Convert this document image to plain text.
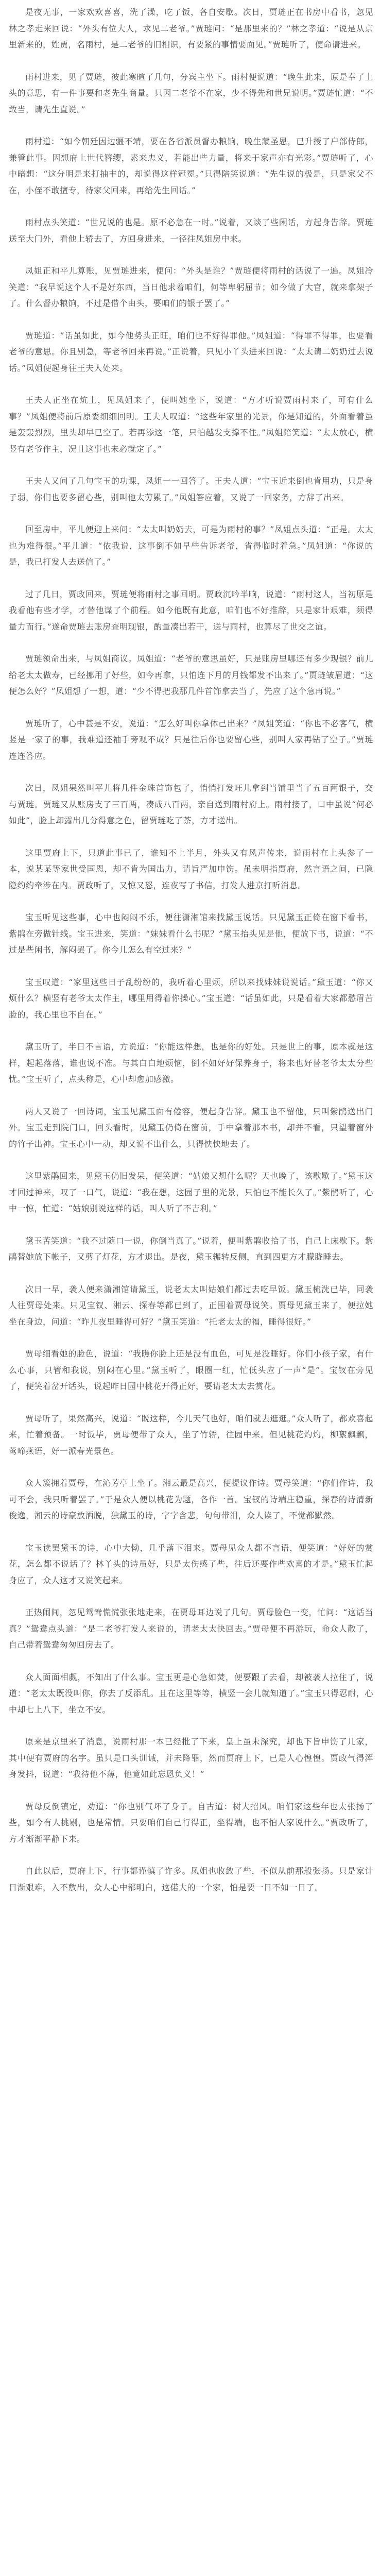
是夜无事，一家欢欢喜喜，洗了澡，吃了饭，各自安歇。次日，贾琏正在书房中看书，忽见林之孝走来回说：“外头有位大人，求见二老爷。”贾琏问：“是那里来的？”林之孝道：“说是从京里新来的，姓贾，名雨村，是二老爷的旧相识，有要紧的事情要面见。”贾琏听了，便命请进来。

雨村进来，见了贾琏，彼此寒暄了几句，分宾主坐下。雨村便说道：“晚生此来，原是奉了上头的意思，有一件事要和老先生商量。只因二老爷不在家，少不得先和世兄说明。”贾琏忙道：“不敢当，请先生直说。”

雨村道：“如今朝廷因边疆不靖，要在各省派员督办粮饷，晚生蒙圣恩，已升授了户部侍郎，兼管此事。因想府上世代簪缨，素来忠义，若能出些力量，将来于家声亦有光彩。”贾琏听了，心中暗想：“这分明是来打抽丰的，却说得这样冠冕。”只得陪笑说道：“先生说的极是，只是家父不在，小侄不敢擅专，待家父回来，再给先生回话。”

雨村点头笑道：“世兄说的也是。原不必急在一时。”说着，又谈了些闲话，方起身告辞。贾琏送至大门外，看他上轿去了，方回身进来，一径往凤姐房中来。

凤姐正和平儿算账，见贾琏进来，便问：“外头是谁？”贾琏便将雨村的话说了一遍。凤姐冷笑道：“我早说这个人不是好东西，当日他求着咱们，何等卑躬屈节；如今做了大官，就来拿架子了。什么督办粮饷，不过是借个由头，要咱们的银子罢了。”

贾琏道：“话虽如此，如今他势头正旺，咱们也不好得罪他。”凤姐道：“得罪不得罪，也要看老爷的意思。你且别急，等老爷回来再说。”正说着，只见小丫头进来回说：“太太请二奶奶过去说话。”凤姐便起身往王夫人处来。

王夫人正坐在炕上，见凤姐来了，便叫她坐下，说道：“方才听说贾雨村来了，可有什么事？”凤姐便将前后原委细细回明。王夫人叹道：“这些年家里的光景，你是知道的，外面看着虽是轰轰烈烈，里头却早已空了。若再添这一笔，只怕越发支撑不住。”凤姐陪笑道：“太太放心，横竖有老爷作主，况且这事也未必就定了。”

王夫人又问了几句宝玉的功课，凤姐一一回答了。王夫人道：“宝玉近来倒也肯用功，只是身子弱，你们也要多留心些，别叫他太劳累了。”凤姐答应着，又说了一回家务，方辞了出来。

回至房中，平儿便迎上来问：“太太叫奶奶去，可是为雨村的事？”凤姐点头道：“正是。太太也为难得很。”平儿道：“依我说，这事倒不如早些告诉老爷，省得临时着急。”凤姐道：“你说的是，我已打发人去送信了。”

过了几日，贾政回来，贾琏便将雨村之事回明。贾政沉吟半晌，说道：“雨村这人，当初原是我看他有些才学，才替他谋了个前程。如今他既有此意，咱们也不好推辞，只是家计艰难，须得量力而行。”遂命贾琏去账房查明现银，酌量凑出若干，送与雨村，也算尽了世交之谊。

贾琏领命出来，与凤姐商议。凤姐道：“老爷的意思虽好，只是账房里哪还有多少现银？前儿给老太太做寿，已经挪用了好些，如今再拿，只怕连下月的月钱都发不出来了。”贾琏皱眉道：“这便怎么好？”凤姐想了一想，道：“少不得把我那几件首饰拿去当了，先应了这个急再说。”

贾琏听了，心中甚是不安，说道：“怎么好叫你拿体己出来？”凤姐笑道：“你也不必客气，横竖是一家子的事，我难道还袖手旁观不成？只是往后你也要留心些，别叫人家再钻了空子。”贾琏连连答应。

次日，凤姐果然叫平儿将几件金珠首饰包了，悄悄打发旺儿拿到当铺里当了五百两银子，交与贾琏。贾琏又从账房支了三百两，凑成八百两，亲自送到雨村府上。雨村接了，口中虽说“何必如此”，脸上却露出几分得意之色，留贾琏吃了茶，方才送出。

这里贾府上下，只道此事已了，谁知不上半月，外头又有风声传来，说雨村在上头参了一本，说某某等家世受国恩，却不肯为国出力，请旨严加申饬。虽未明指贾府，然言语之间，已隐隐约约牵涉在内。贾政听了，又惊又怒，连夜写了书信，打发人进京打听消息。

宝玉听见这些事，心中也闷闷不乐，便往潇湘馆来找黛玉说话。只见黛玉正倚在窗下看书，紫鹃在旁做针线。宝玉进来，笑道：“妹妹看什么书呢？”黛玉抬头见是他，便放下书，说道：“不过是些闲书，解闷罢了。你今儿怎么有空过来？”

宝玉叹道：“家里这些日子乱纷纷的，我听着心里烦，所以来找妹妹说说话。”黛玉道：“你又烦什么？横竖有老爷太太作主，哪里用得着你操心。”宝玉道：“话虽如此，只是看着大家都愁眉苦脸的，我心里也不自在。”

黛玉听了，半日不言语，方说道：“你能这样想，也是你的好处。只是世上的事，原本就是这样，起起落落，谁也说不准。与其白白地烦恼，倒不如好好保养身子，将来也好替老爷太太分些忧。”宝玉听了，点头称是，心中却愈加感激。

两人又说了一回诗词，宝玉见黛玉面有倦容，便起身告辞。黛玉也不留他，只叫紫鹃送出门外。宝玉走到院门口，回头看时，见黛玉仍倚在窗前，手中拿着那本书，却并不看，只望着窗外的竹子出神。宝玉心中一动，却又说不出什么，只得怏怏地去了。

这里紫鹃回来，见黛玉仍旧发呆，便笑道：“姑娘又想什么呢？天也晚了，该歇歇了。”黛玉这才回过神来，叹了一口气，说道：“我在想，这园子里的光景，只怕也不能长久了。”紫鹃听了，心中一惊，忙道：“姑娘别说这样的话，叫人听了不吉利。”

黛玉苦笑道：“我不过随口一说，你倒当真了。”说着，便叫紫鹃收拾了书，自己上床歇下。紫鹃替她放下帐子，又剪了灯花，方才退出。是夜，黛玉辗转反侧，直到四更方才朦胧睡去。

次日一早，袭人便来潇湘馆请黛玉，说老太太叫姑娘们都过去吃早饭。黛玉梳洗已毕，同袭人往贾母处来。只见宝钗、湘云、探春等都已到了，正围着贾母说笑。贾母见黛玉来了，便拉她坐在身边，问道：“昨儿夜里睡得可好？”黛玉笑道：“托老太太的福，睡得很好。”

贾母细看她的脸色，说道：“我瞧你脸上还是没有血色，可见是没睡好。你们小孩子家，有什么心事，只管和我说，别闷在心里。”黛玉听了，眼圈一红，忙低头应了一声“是”。宝钗在旁见了，便笑着岔开话头，说起昨日园中桃花开得正好，要请老太太去赏花。

贾母听了，果然高兴，说道：“既这样，今儿天气也好，咱们就去逛逛。”众人听了，都欢喜起来，忙着预备。一时饭毕，贾母便带了众人，坐了竹轿，往园中来。但见桃花灼灼，柳絮飘飘，莺啼燕语，好一派春光景色。

众人簇拥着贾母，在沁芳亭上坐了。湘云最是高兴，便提议作诗。贾母笑道：“你们作诗，我可不会，我只听着罢了。”于是众人便以桃花为题，各作一首。宝钗的诗端庄稳重，探春的诗清新俊逸，湘云的诗豪放洒脱，独黛玉的诗，字字含悲，句句带泪，众人读了，不觉都默然。

宝玉读罢黛玉的诗，心中大恸，几乎落下泪来。贾母见众人都不言语，便笑道：“好好的赏花，怎么都不说话了？林丫头的诗虽好，只是太伤感了些，往后还要作些欢喜的才是。”黛玉忙起身应了，众人这才又说笑起来。

正热闹间，忽见鸳鸯慌慌张张地走来，在贾母耳边说了几句。贾母脸色一变，忙问：“这话当真？”鸳鸯点头道：“是二老爷打发人来说的，请老太太快回去。”贾母便不再游玩，命众人散了，自己带着鸳鸯匆匆回房去了。

众人面面相觑，不知出了什么事。宝玉更是心急如焚，便要跟了去看，却被袭人拉住了，说道：“老太太既没叫你，你去了反添乱。且在这里等等，横竖一会儿就知道了。”宝玉只得忍耐，心中却七上八下，坐立不安。

原来是京里来了消息，说雨村那一本已经批了下来，皇上虽未深究，却也下旨申饬了几家，其中便有贾府的名字。虽只是口头训诫，并未降罪，然而贾府上下，已是人心惶惶。贾政气得浑身发抖，说道：“我待他不薄，他竟如此忘恩负义！”

贾母反倒镇定，劝道：“你也别气坏了身子。自古道：树大招风。咱们家这些年也太张扬了些，如今有人挑剔，也是常情。只要咱们自己行得正，坐得端，也不怕人家说什么。”贾政听了，方才渐渐平静下来。

自此以后，贾府上下，行事都谨慎了许多。凤姐也收敛了些，不似从前那般张扬。只是家计日渐艰难，入不敷出，众人心中都明白，这偌大的一个家，怕是要一日不如一日了。
